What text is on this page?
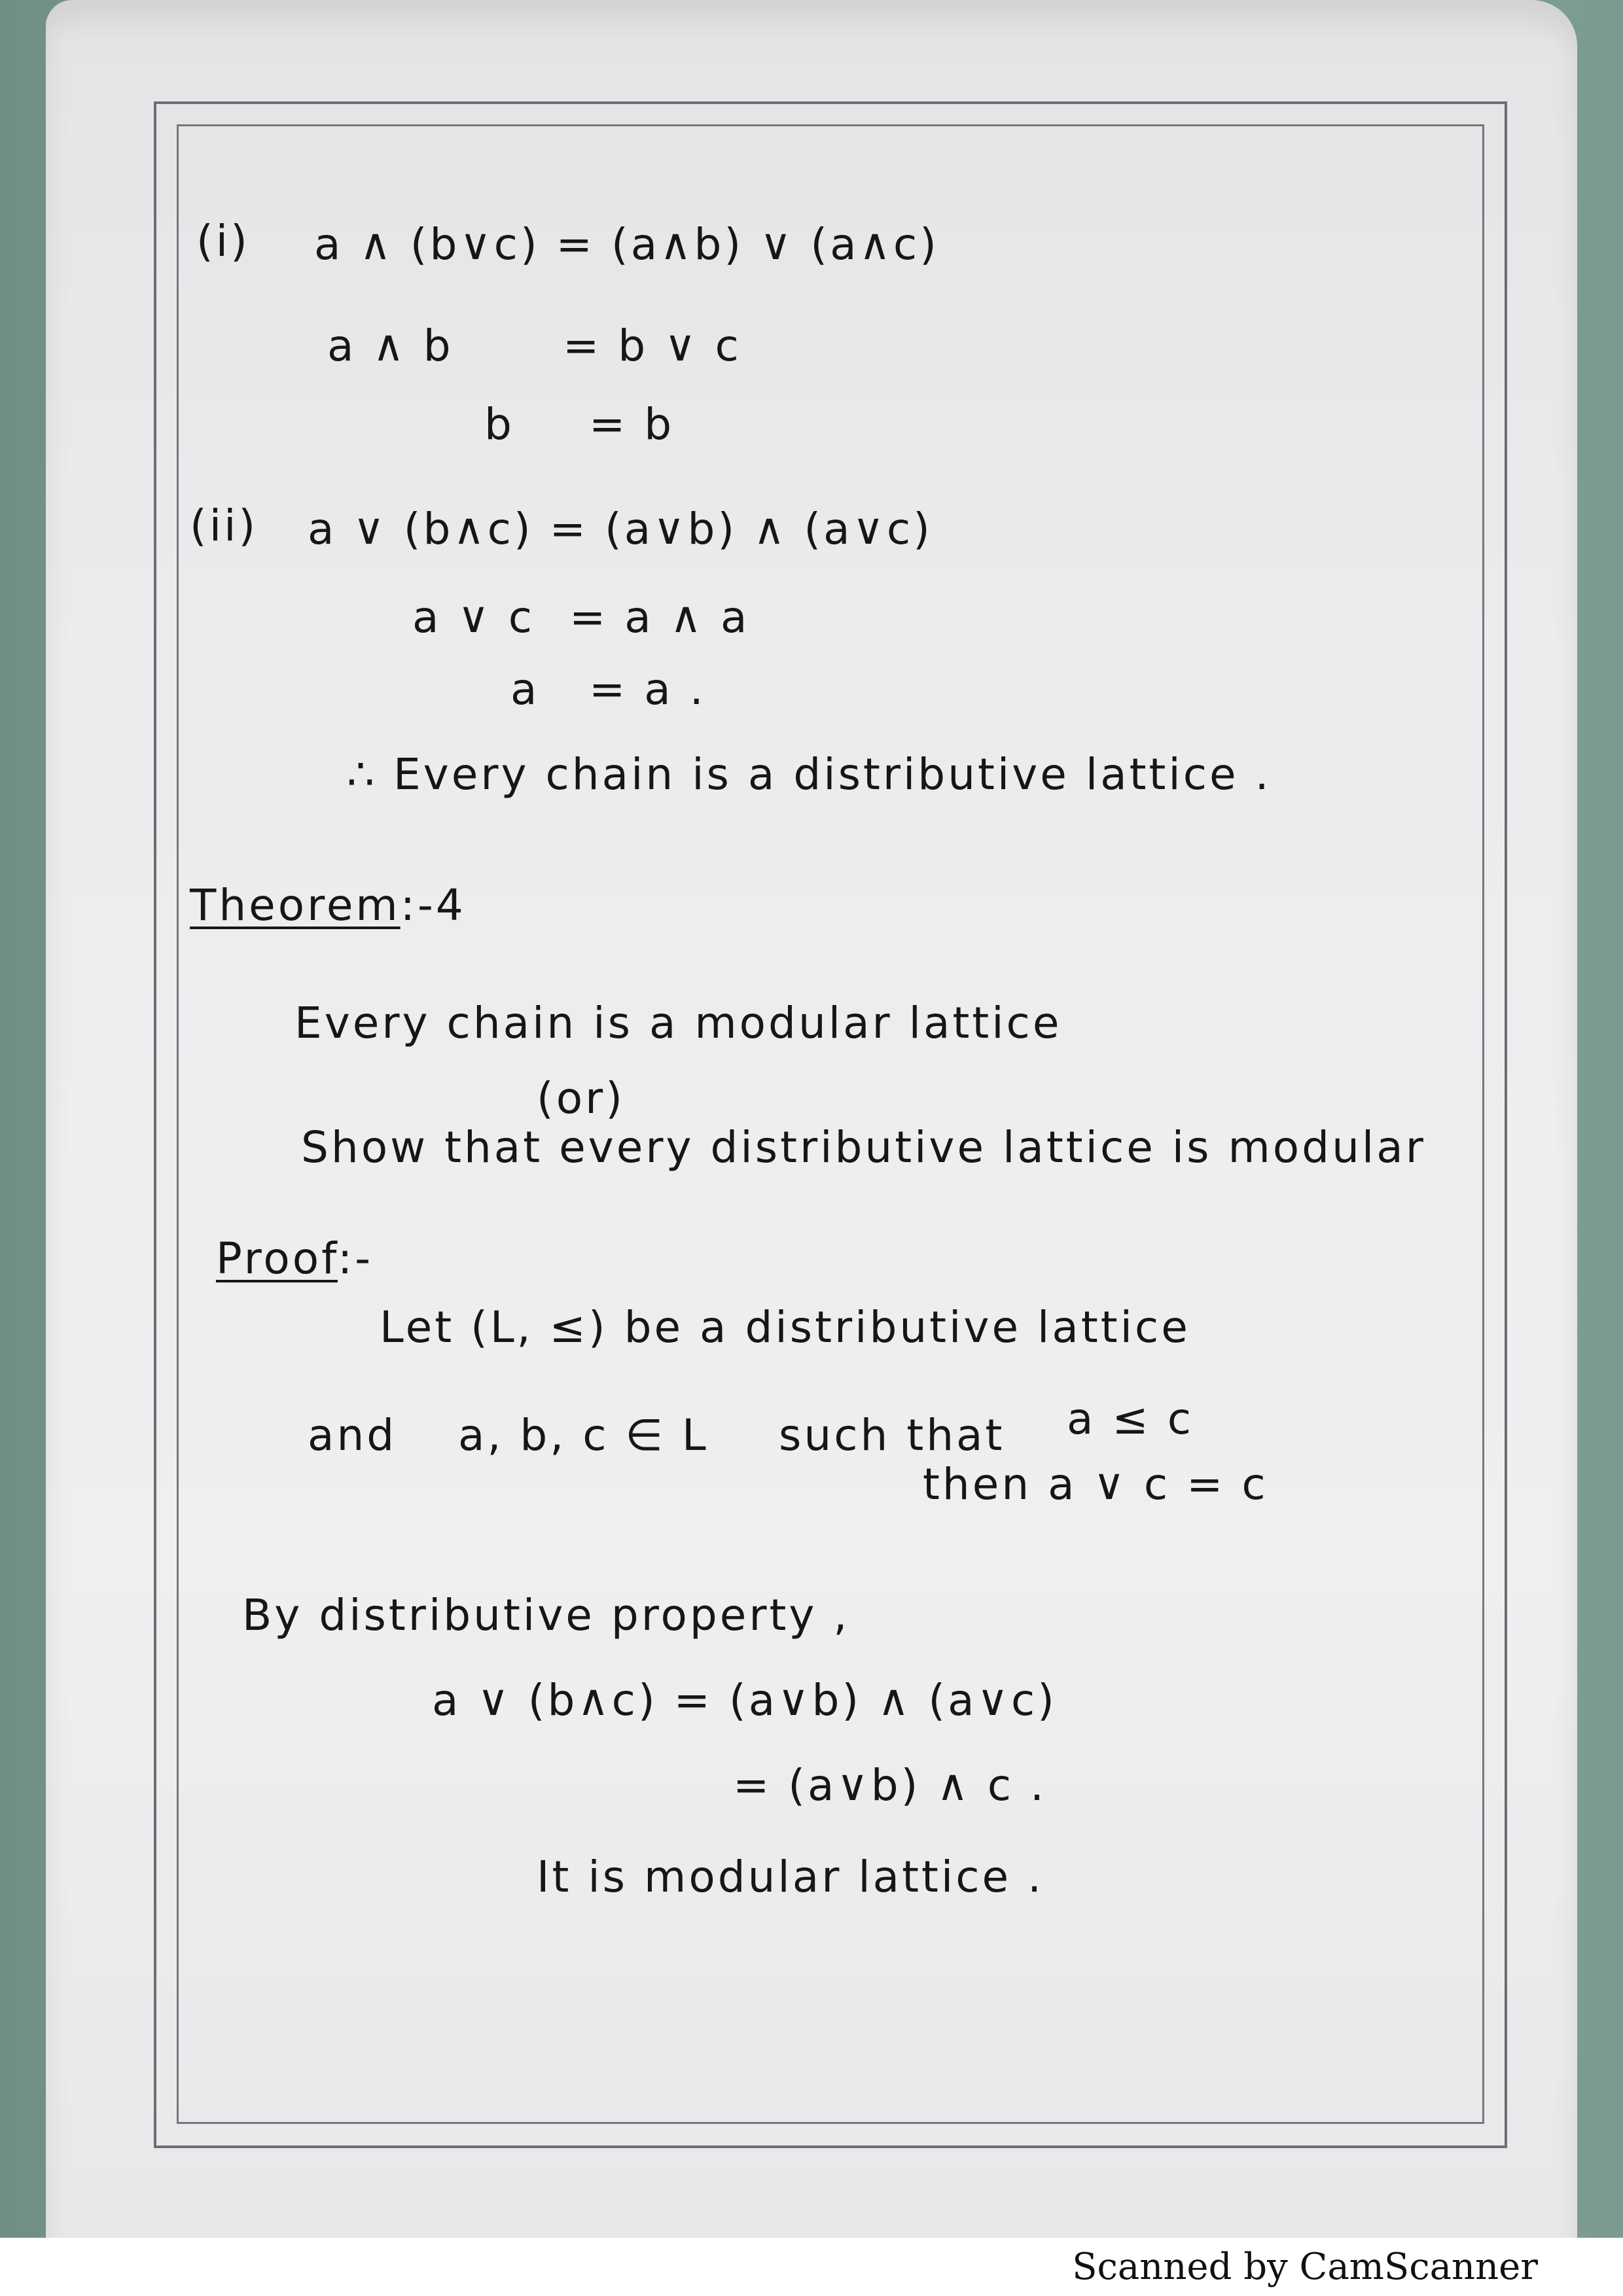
(i) a ∧ (b∨c) = (a∧b) ∨ (a∧c)
a ∧ b	= b ∨ c
b = b
(ii) a ∨ (b∧c) = (a∨b) ∧ (a∨c)
a ∨ c = a ∧ a
a = a .
∴ Every chain is a distributive lattice .
Theorem:-4
Every chain is a modular lattice
(or)
Show that every distributive lattice is modular
Proof:-
Let (L, ≤) be a distributive lattice
and a, b, c ∈ L such that a ≤ c
then a ∨ c = c
By distributive property ,
a ∨ (b∧c) = (a∨b) ∧ (a∨c)
= (a∨b) ∧ c .
It is modular lattice .
Scanned by CamScanner
